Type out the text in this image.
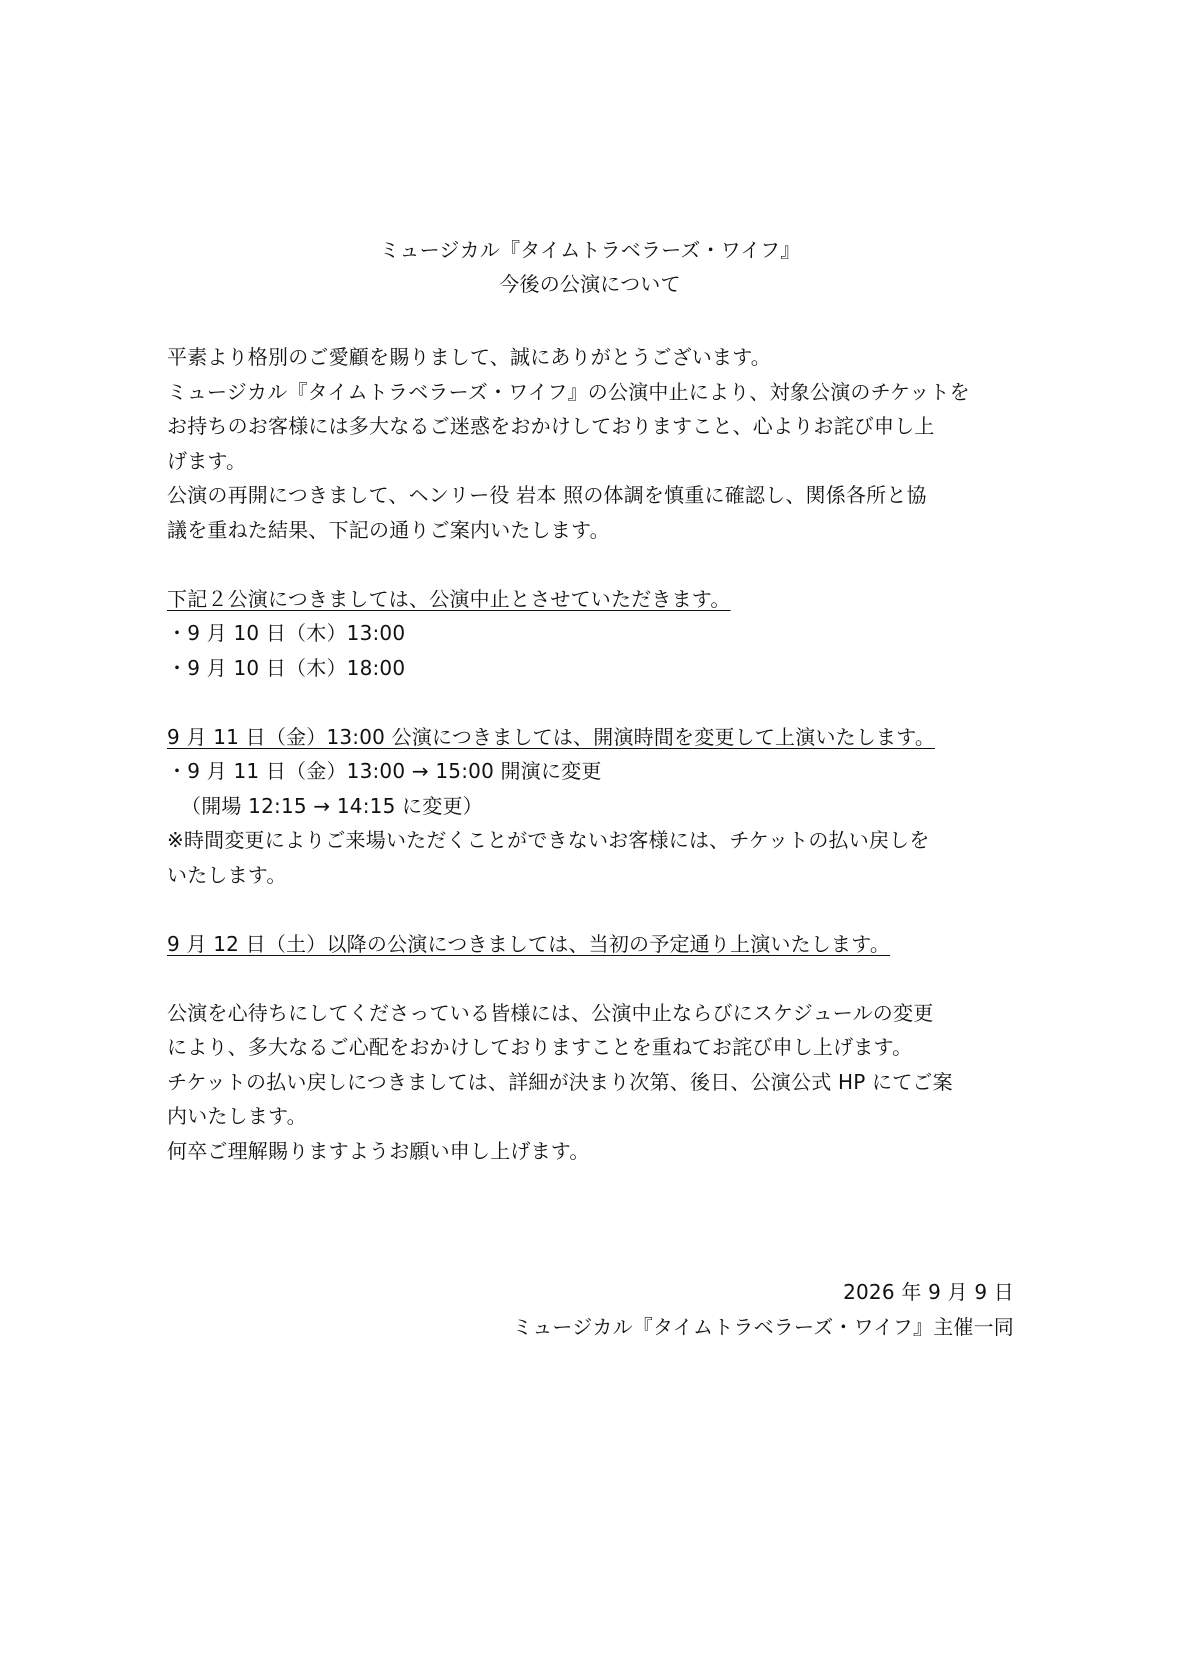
ミュージカル『タイムトラベラーズ・ワイフ』
今後の公演について
平素より格別のご愛顧を賜りまして、誠にありがとうございます。
ミュージカル『タイムトラベラーズ・ワイフ』の公演中止により、対象公演のチケットを
お持ちのお客様には多大なるご迷惑をおかけしておりますこと、心よりお詫び申し上
げます。
公演の再開につきまして、ヘンリー役 岩本 照の体調を慎重に確認し、関係各所と協
議を重ねた結果、下記の通りご案内いたします。
下記２公演につきましては、公演中止とさせていただきます。
・9 月 10 日（木）13:00
・9 月 10 日（木）18:00
9 月 11 日（金）13:00 公演につきましては、開演時間を変更して上演いたします。
・9 月 11 日（金）13:00 → 15:00 開演に変更
（開場 12:15 → 14:15 に変更）
※時間変更によりご来場いただくことができないお客様には、チケットの払い戻しを
いたします。
9 月 12 日（土）以降の公演につきましては、当初の予定通り上演いたします。
公演を心待ちにしてくださっている皆様には、公演中止ならびにスケジュールの変更
により、多大なるご心配をおかけしておりますことを重ねてお詫び申し上げます。
チケットの払い戻しにつきましては、詳細が決まり次第、後日、公演公式 HP にてご案
内いたします。
何卒ご理解賜りますようお願い申し上げます。
2026 年 9 月 9 日
ミュージカル『タイムトラベラーズ・ワイフ』主催一同
